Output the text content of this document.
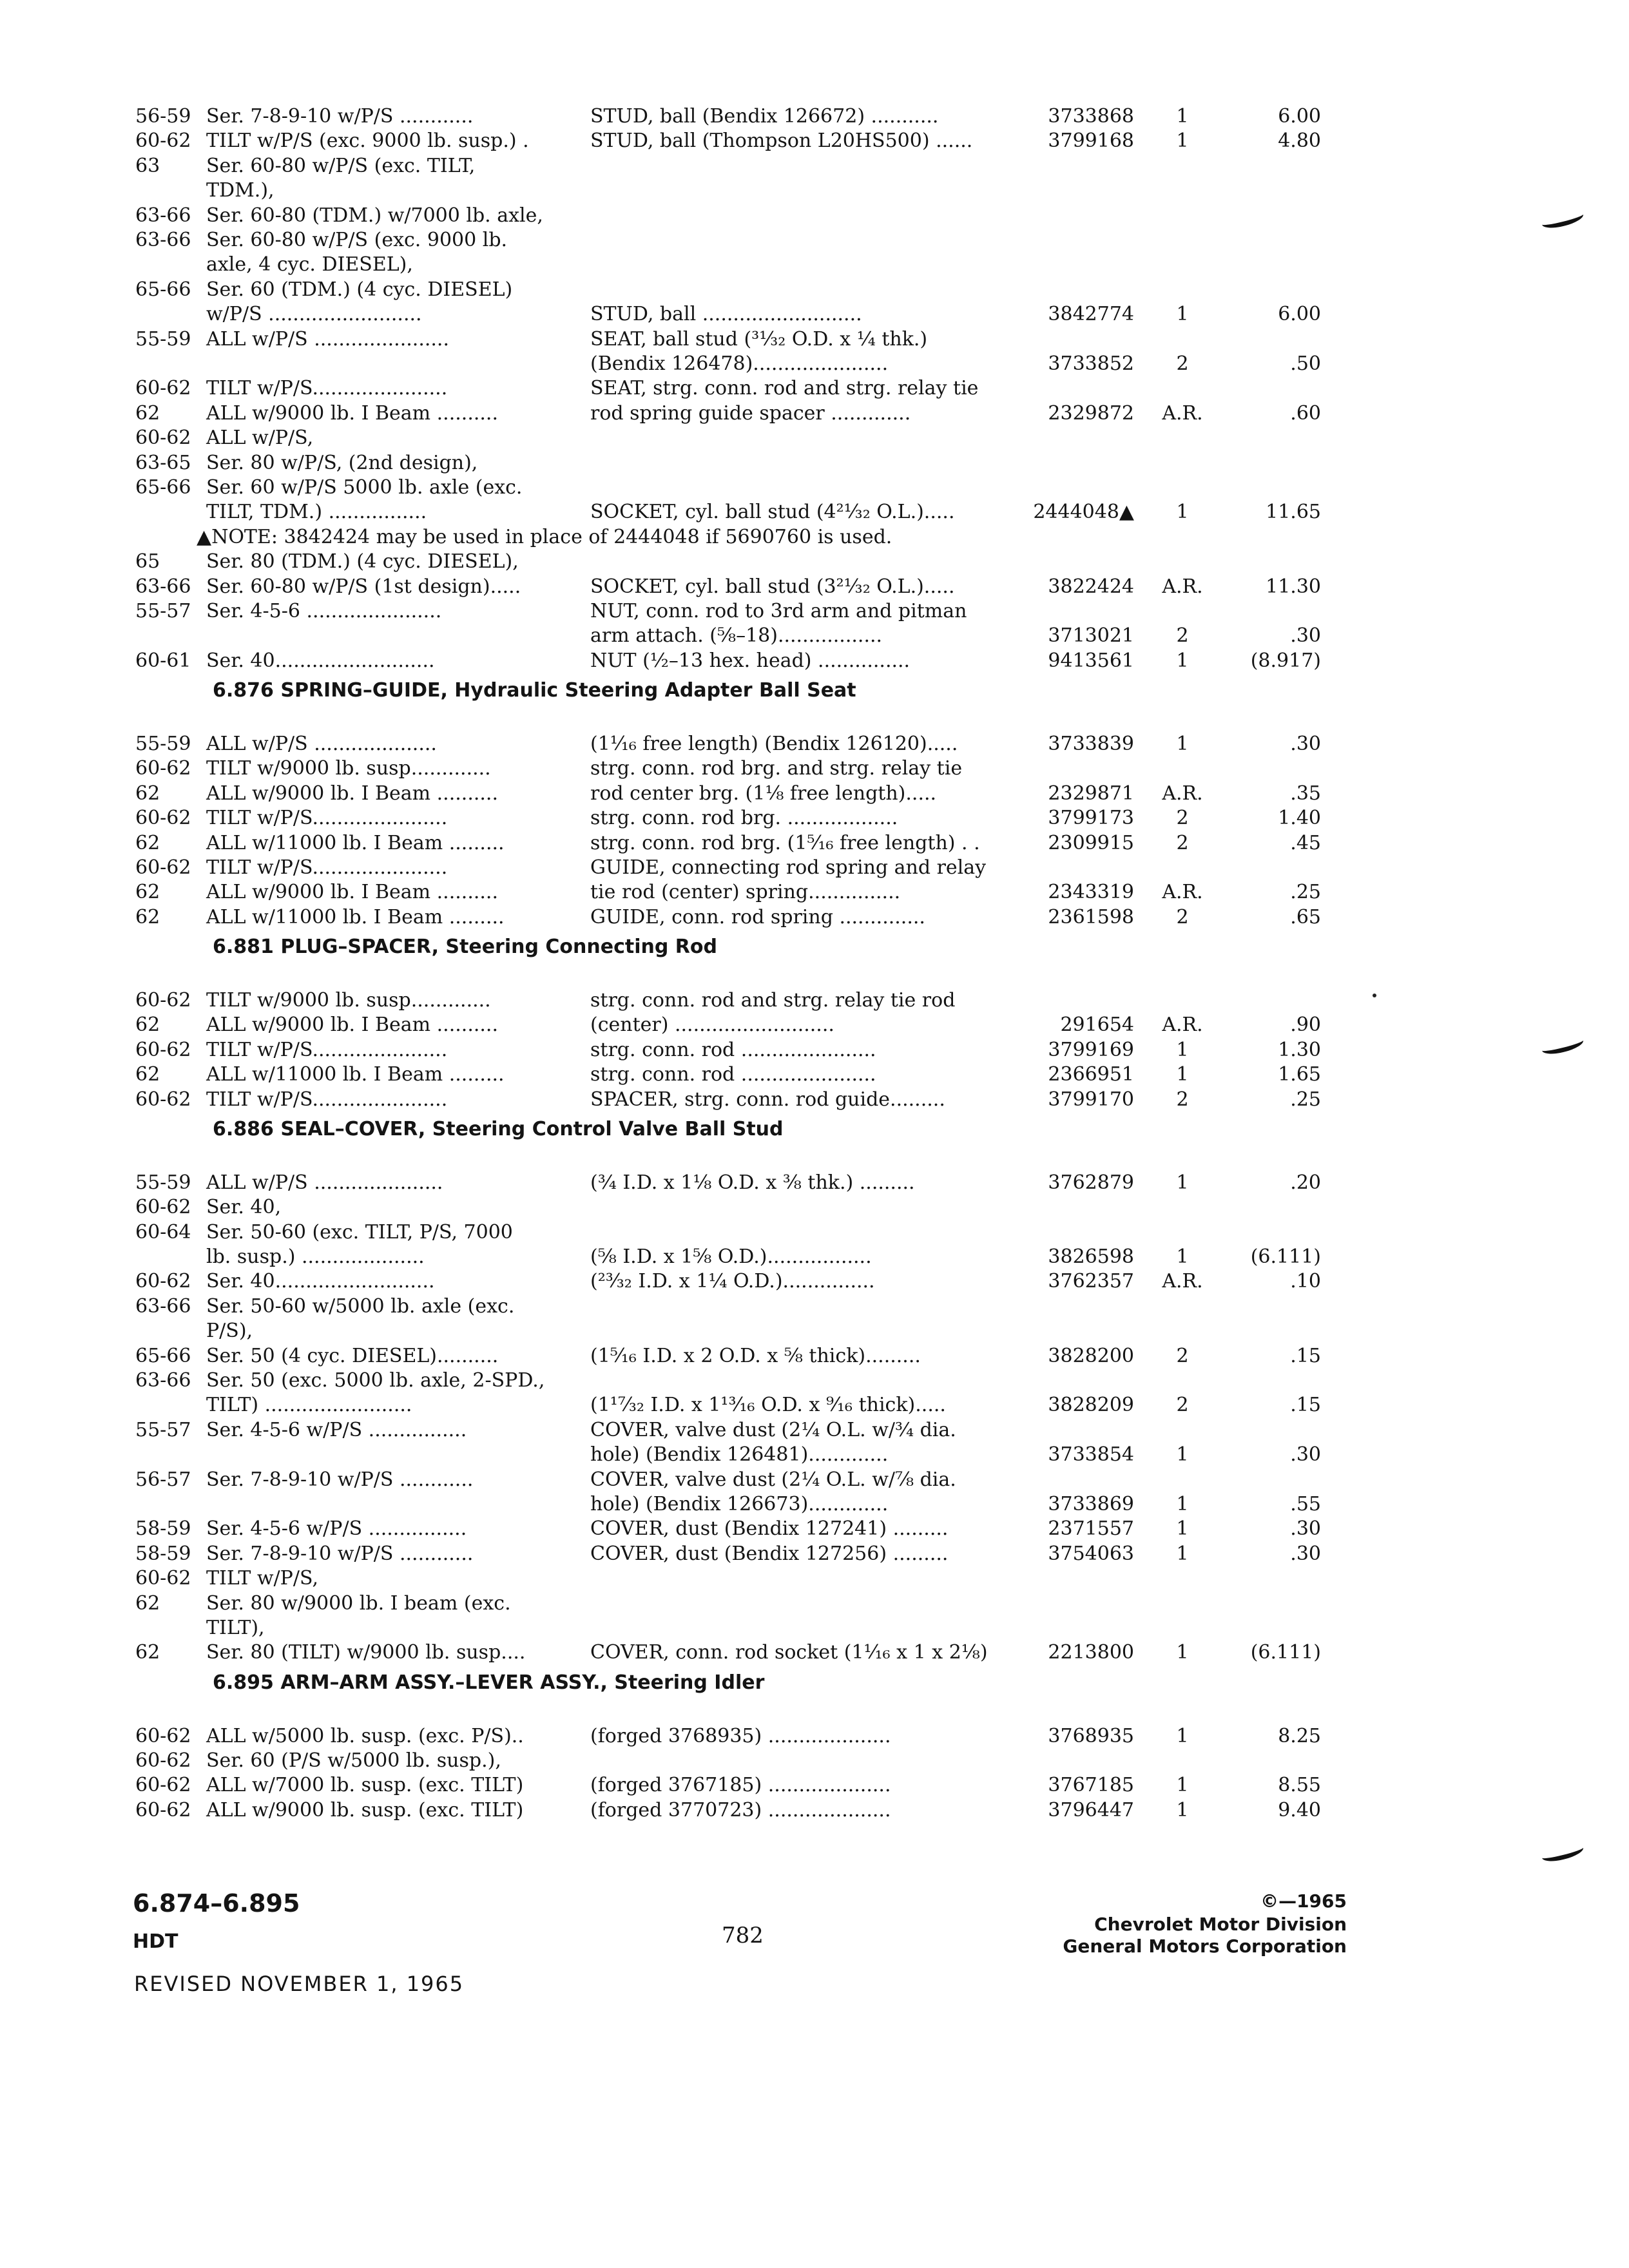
56-59 Ser. 7-8-9-10 w/P/S ............	STUD, ball (Bendix 126672) ...........	3733868	1	6.00
60-62 TILT w/P/S (exc. 9000 lb. susp.) .	STUD, ball (Thompson L20HS500) ......	3799168	1	4.80
63	Ser. 60-80 w/P/S (exc. TILT,
TDM.),
63-66 Ser. 60-80 (TDM.) w/7000 lb. axle,
63-66 Ser. 60-80 w/P/S (exc. 9000 lb.
axle, 4 cyc. DIESEL),
65-66 Ser. 60 (TDM.) (4 cyc. DIESEL)
w/P/S .........................	STUD, ball ..........................	3842774	1	6.00
55-59 ALL w/P/S ......................	SEAT, ball stud (³¹⁄₃₂ O.D. x ¼ thk.)
(Bendix 126478)......................	3733852	2	.50
60-62 TILT w/P/S......................	SEAT, strg. conn. rod and strg. relay tie
62	ALL w/9000 lb. I Beam ..........	rod spring guide spacer .............	2329872	A.R.	.60
60-62 ALL w/P/S,
63-65 Ser. 80 w/P/S, (2nd design),
65-66 Ser. 60 w/P/S 5000 lb. axle (exc.
TILT, TDM.) ................	SOCKET, cyl. ball stud (4²¹⁄₃₂ O.L.).....	2444048▲	1	11.65
▲NOTE: 3842424 may be used in place of 2444048 if 5690760 is used.
65	Ser. 80 (TDM.) (4 cyc. DIESEL),
63-66 Ser. 60-80 w/P/S (1st design).....	SOCKET, cyl. ball stud (3²¹⁄₃₂ O.L.).....	3822424	A.R.	11.30
55-57 Ser. 4-5-6 ......................	NUT, conn. rod to 3rd arm and pitman
arm attach. (⅝–18).................	3713021	2	.30
60-61 Ser. 40..........................	NUT (½–13 hex. head) ...............	9413561	1	(8.917)
6.876 SPRING–GUIDE, Hydraulic Steering Adapter Ball Seat
55-59 ALL w/P/S ....................	(1¹⁄₁₆ free length) (Bendix 126120).....	3733839	1	.30
60-62 TILT w/9000 lb. susp.............	strg. conn. rod brg. and strg. relay tie
62	ALL w/9000 lb. I Beam ..........	rod center brg. (1⅛ free length).....	2329871	A.R.	.35
60-62 TILT w/P/S......................	strg. conn. rod brg. ..................	3799173	2	1.40
62	ALL w/11000 lb. I Beam .........	strg. conn. rod brg. (1⁵⁄₁₆ free length) . .	2309915	2	.45
60-62 TILT w/P/S......................	GUIDE, connecting rod spring and relay
62	ALL w/9000 lb. I Beam ..........	tie rod (center) spring...............	2343319	A.R.	.25
62	ALL w/11000 lb. I Beam .........	GUIDE, conn. rod spring ..............	2361598	2	.65
6.881 PLUG–SPACER, Steering Connecting Rod
60-62 TILT w/9000 lb. susp.............	strg. conn. rod and strg. relay tie rod
62	ALL w/9000 lb. I Beam ..........	(center) ..........................	291654	A.R.	.90
60-62 TILT w/P/S......................	strg. conn. rod ......................	3799169	1	1.30
62	ALL w/11000 lb. I Beam .........	strg. conn. rod ......................	2366951	1	1.65
60-62 TILT w/P/S......................	SPACER, strg. conn. rod guide.........	3799170	2	.25
6.886 SEAL–COVER, Steering Control Valve Ball Stud
55-59 ALL w/P/S .....................	(¾ I.D. x 1⅛ O.D. x ⅜ thk.) .........	3762879	1	.20
60-62 Ser. 40,
60-64 Ser. 50-60 (exc. TILT, P/S, 7000
lb. susp.) ....................	(⅝ I.D. x 1⅝ O.D.).................	3826598	1	(6.111)
60-62 Ser. 40..........................	(²³⁄₃₂ I.D. x 1¼ O.D.)...............	3762357	A.R.	.10
63-66 Ser. 50-60 w/5000 lb. axle (exc.
P/S),
65-66 Ser. 50 (4 cyc. DIESEL)..........	(1⁵⁄₁₆ I.D. x 2 O.D. x ⅝ thick).........	3828200	2	.15
63-66 Ser. 50 (exc. 5000 lb. axle, 2-SPD.,
TILT) ........................	(1¹⁷⁄₃₂ I.D. x 1¹³⁄₁₆ O.D. x ⁹⁄₁₆ thick).....	3828209	2	.15
55-57 Ser. 4-5-6 w/P/S ................	COVER, valve dust (2¼ O.L. w/¾ dia.
hole) (Bendix 126481).............	3733854	1	.30
56-57 Ser. 7-8-9-10 w/P/S ............	COVER, valve dust (2¼ O.L. w/⅞ dia.
hole) (Bendix 126673).............	3733869	1	.55
58-59 Ser. 4-5-6 w/P/S ................	COVER, dust (Bendix 127241) .........	2371557	1	.30
58-59 Ser. 7-8-9-10 w/P/S ............	COVER, dust (Bendix 127256) .........	3754063	1	.30
60-62 TILT w/P/S,
62	Ser. 80 w/9000 lb. I beam (exc.
TILT),
62	Ser. 80 (TILT) w/9000 lb. susp....	COVER, conn. rod socket (1¹⁄₁₆ x 1 x 2⅛)	2213800	1	(6.111)
6.895 ARM–ARM ASSY.–LEVER ASSY., Steering Idler
60-62 ALL w/5000 lb. susp. (exc. P/S)..	(forged 3768935) ....................	3768935	1	8.25
60-62 Ser. 60 (P/S w/5000 lb. susp.),
60-62 ALL w/7000 lb. susp. (exc. TILT)	(forged 3767185) ....................	3767185	1	8.55
60-62 ALL w/9000 lb. susp. (exc. TILT)	(forged 3770723) ....................	3796447	1	9.40
6.874–6.895
HDT	782
REVISED NOVEMBER 1, 1965
©—1965
Chevrolet Motor Division
General Motors Corporation
